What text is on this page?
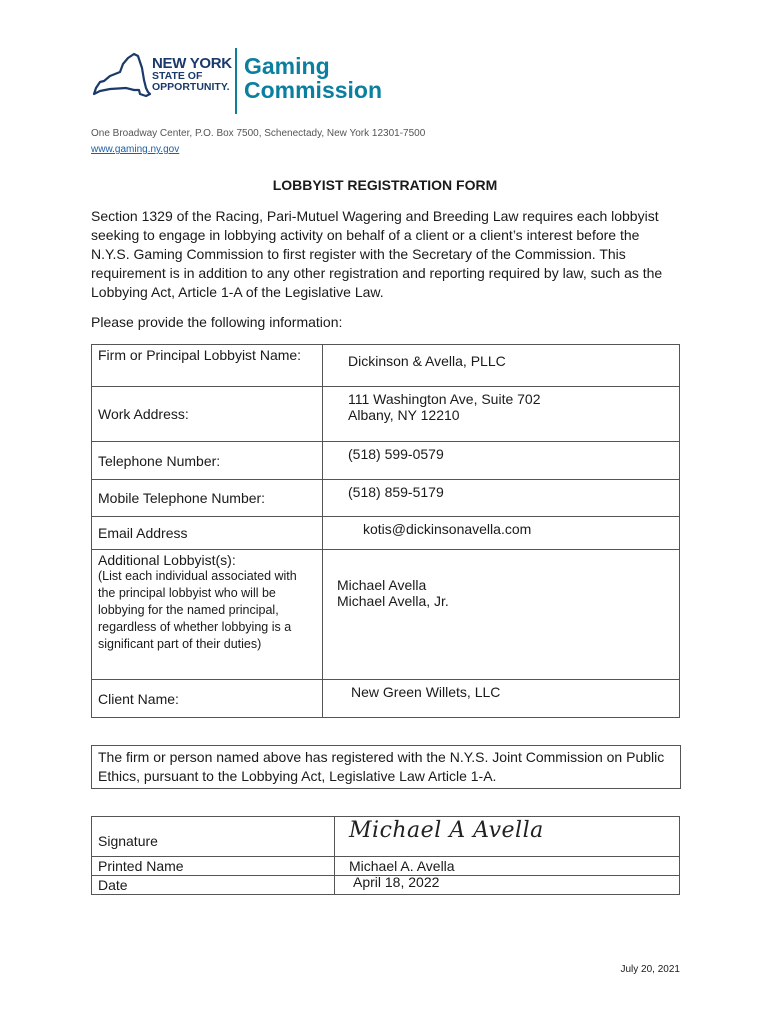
NEW YORK
STATE OF
OPPORTUNITY.
Gaming
Commission
One Broadway Center, P.O. Box 7500, Schenectady, New York 12301-7500
www.gaming.ny.gov
LOBBYIST REGISTRATION FORM
Section 1329 of the Racing, Pari-Mutuel Wagering and Breeding Law requires each lobbyist seeking to engage in lobbying activity on behalf of a client or a client’s interest before the N.Y.S. Gaming Commission to first register with the Secretary of the Commission. This requirement is in addition to any other registration and reporting required by law, such as the Lobbying Act, Article 1-A of the Legislative Law.
Please provide the following information:
Firm or Principal Lobbyist Name:	Dickinson & Avella, PLLC
Work Address:	111 Washington Ave, Suite 702
Albany, NY 12210

Telephone Number:	(518) 599-0579
Mobile Telephone Number:	(518) 859-5179
Email Address	kotis@dickinsonavella.com

Additional Lobbyist(s):
(List each individual associated with the principal lobbyist who will be lobbying for the named principal, regardless of whether lobbying is a significant part of their duties)	Michael Avella
Michael Avella, Jr.

Client Name:	New Green Willets, LLC
The firm or person named above has registered with the N.Y.S. Joint Commission on Public Ethics, pursuant to the Lobbying Act, Legislative Law Article 1-A.
Signature	Michael A Avella

Printed Name	Michael A. Avella
Date	April 18, 2022
July 20, 2021
